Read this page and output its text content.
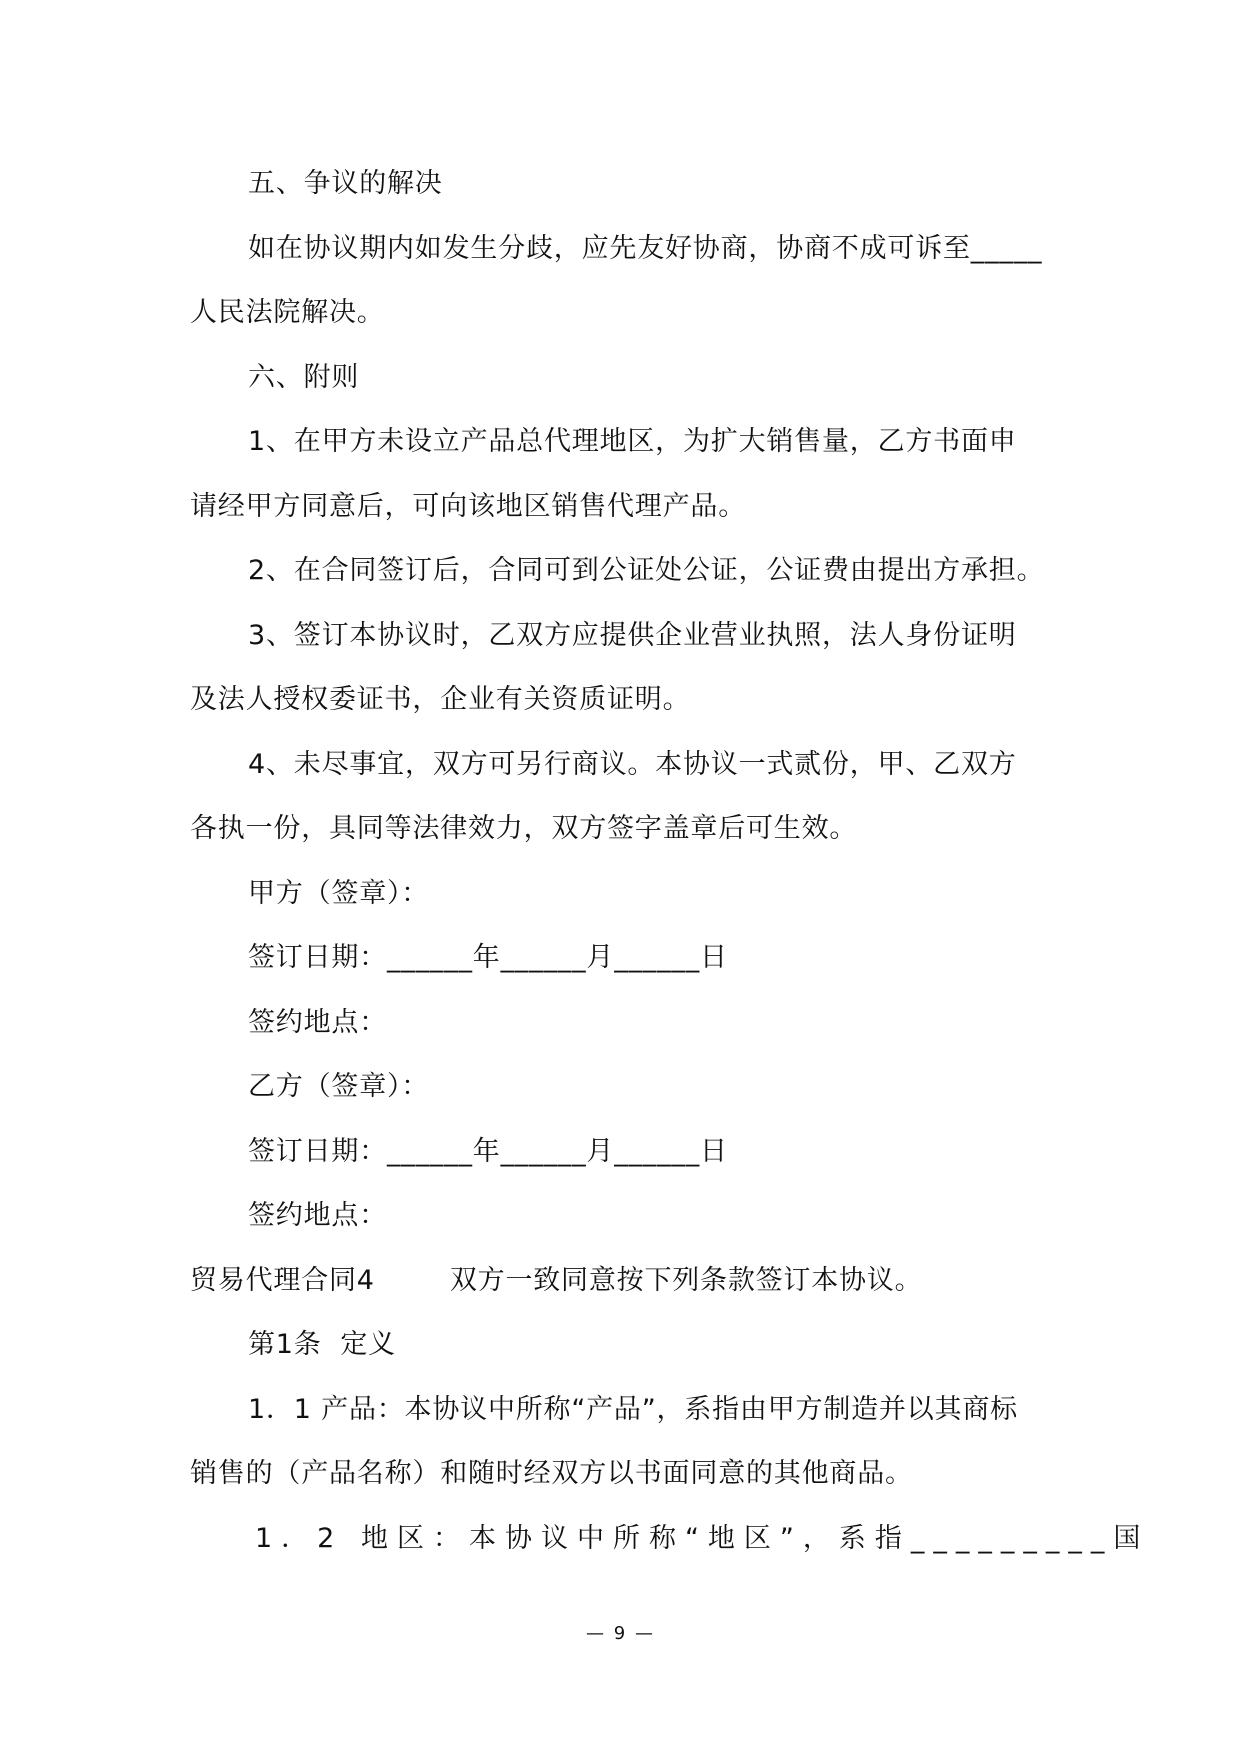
五、争议的解决
如在协议期内如发生分歧，应先友好协商，协商不成可诉至_____
人民法院解决。
六、附则
1、在甲方未设立产品总代理地区，为扩大销售量，乙方书面申
请经甲方同意后，可向该地区销售代理产品。
2、在合同签订后，合同可到公证处公证，公证费由提出方承担。
3、签订本协议时，乙双方应提供企业营业执照，法人身份证明
及法人授权委证书，企业有关资质证明。
4、未尽事宜，双方可另行商议。本协议一式贰份，甲、乙双方
各执一份，具同等法律效力，双方签字盖章后可生效。
甲方（签章）：
签订日期：______年______月______日
签约地点：
乙方（签章）：
签订日期：______年______月______日
签约地点：
贸易代理合同4        双方一致同意按下列条款签订本协议。
第1条  定义
1．1 产品：本协议中所称“产品”，系指由甲方制造并以其商标
销售的（产品名称）和随时经双方以书面同意的其他商品。
1．2 地区：本协议中所称“地区”，系指_________国
— 9 —
